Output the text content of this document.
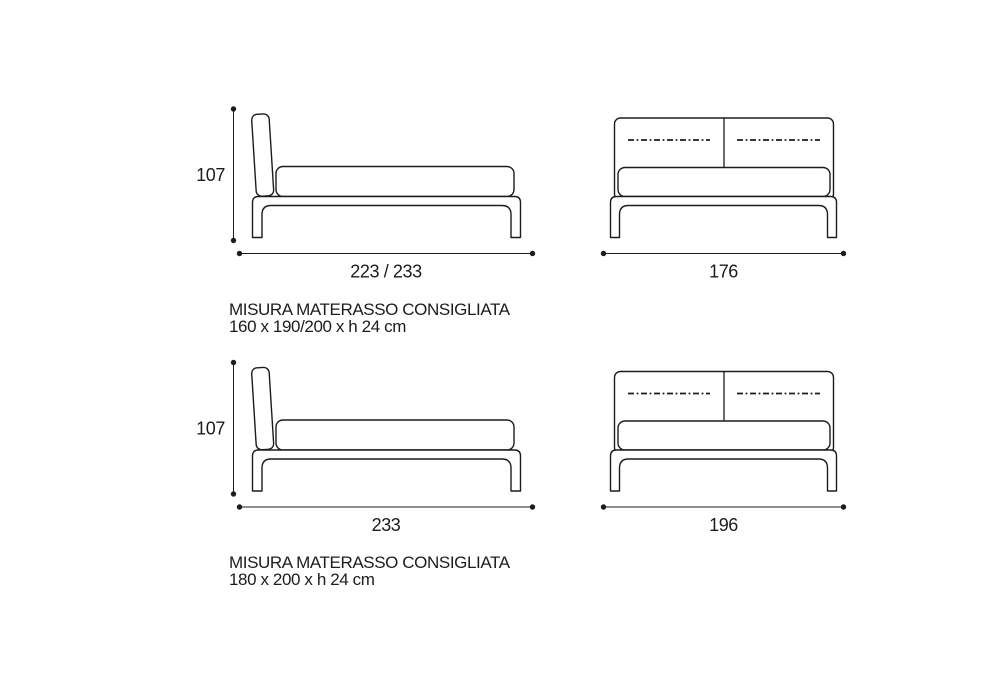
107
223 / 233	176
107
233	196
MISURA MATERASSO CONSIGLIATA
160 x 190/200 x h 24 cm
MISURA MATERASSO CONSIGLIATA
180 x 200 x h 24 cm
